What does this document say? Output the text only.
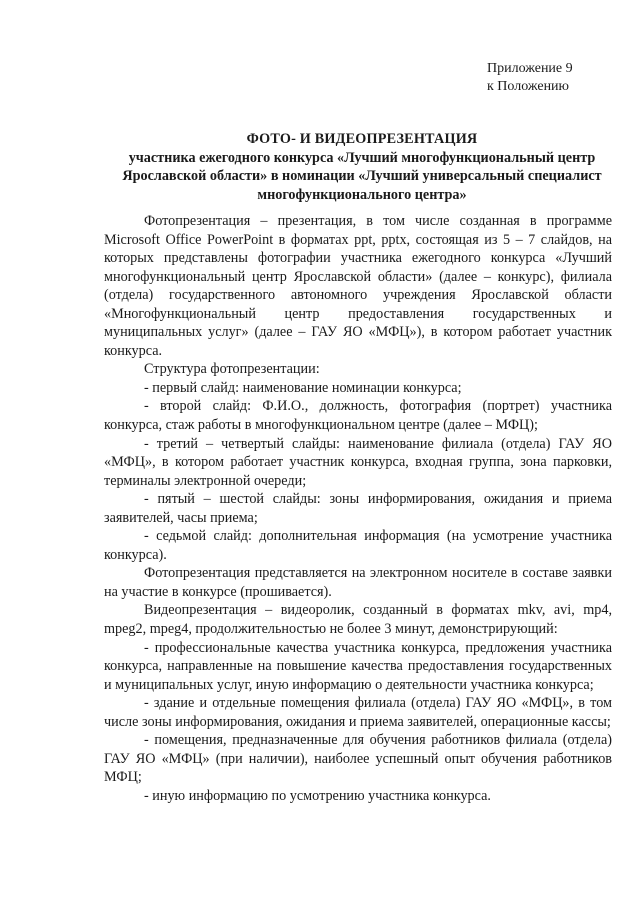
Приложение 9
к Положению
ФОТО- И ВИДЕОПРЕЗЕНТАЦИЯ
участника ежегодного конкурса «Лучший многофункциональный центр Ярославской области» в номинации «Лучший универсальный специалист многофункционального центра»

Фотопрезентация – презентация, в том числе созданная в программе Microsoft Office PowerPoint в форматах ppt, pptx, состоящая из 5 – 7 слайдов, на которых представлены фотографии участника ежегодного конкурса «Лучший многофункциональный центр Ярославской области» (далее – конкурс), филиала (отдела) государственного автономного учреждения Ярославской области «Многофункциональный центр предоставления государственных и муниципальных услуг» (далее – ГАУ ЯО «МФЦ»), в котором работает участник конкурса.

Структура фотопрезентации:

- первый слайд: наименование номинации конкурса;

- второй слайд: Ф.И.О., должность, фотография (портрет) участника конкурса, стаж работы в многофункциональном центре (далее – МФЦ);

- третий – четвертый слайды: наименование филиала (отдела) ГАУ ЯО «МФЦ», в котором работает участник конкурса, входная группа, зона парковки, терминалы электронной очереди;

- пятый – шестой слайды: зоны информирования, ожидания и приема заявителей, часы приема;

- седьмой слайд: дополнительная информация (на усмотрение участника конкурса).

Фотопрезентация представляется на электронном носителе в составе заявки на участие в конкурсе (прошивается).

Видеопрезентация – видеоролик, созданный в форматах mkv, avi, mp4, mpeg2, mpeg4, продолжительностью не более 3 минут, демонстрирующий:

- профессиональные качества участника конкурса, предложения участника конкурса, направленные на повышение качества предоставления государственных и муниципальных услуг, иную информацию о деятельности участника конкурса;

- здание и отдельные помещения филиала (отдела) ГАУ ЯО «МФЦ», в том числе зоны информирования, ожидания и приема заявителей, операционные кассы;

- помещения, предназначенные для обучения работников филиала (отдела) ГАУ ЯО «МФЦ» (при наличии), наиболее успешный опыт обучения работников МФЦ;

- иную информацию по усмотрению участника конкурса.
